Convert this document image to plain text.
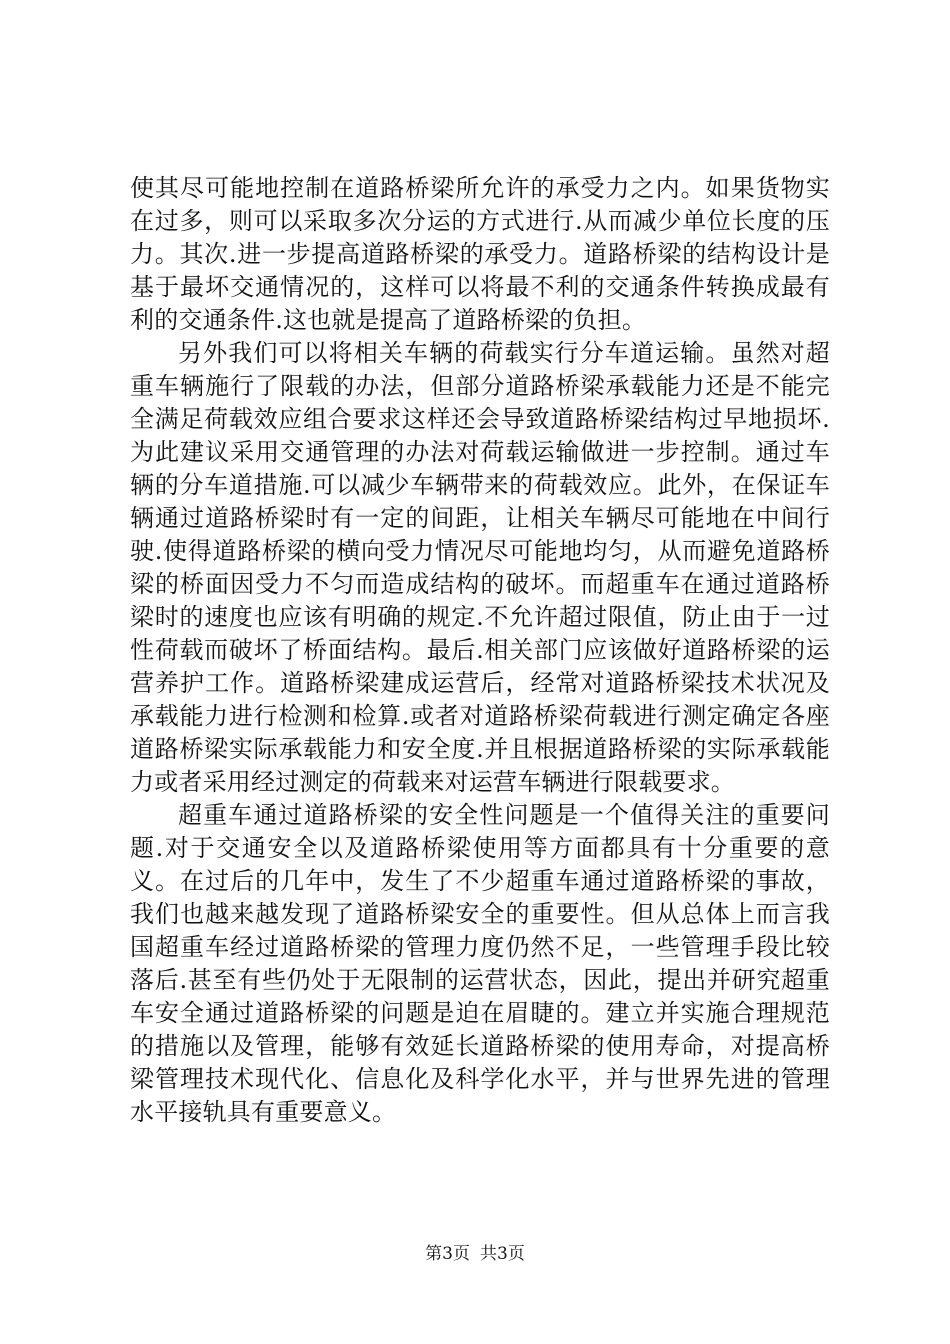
使其尽可能地控制在道路桥梁所允许的承受力之内。如果货物实在过多，则可以采取多次分运的方式进行.从而减少单位长度的压力。其次.进一步提高道路桥梁的承受力。道路桥梁的结构设计是基于最坏交通情况的，这样可以将最不利的交通条件转换成最有利的交通条件.这也就是提高了道路桥梁的负担。

另外我们可以将相关车辆的荷载实行分车道运输。虽然对超重车辆施行了限载的办法，但部分道路桥梁承载能力还是不能完全满足荷载效应组合要求这样还会导致道路桥梁结构过早地损坏.为此建议采用交通管理的办法对荷载运输做进一步控制。通过车辆的分车道措施.可以减少车辆带来的荷载效应。此外，在保证车辆通过道路桥梁时有一定的间距，让相关车辆尽可能地在中间行驶.使得道路桥梁的横向受力情况尽可能地均匀，从而避免道路桥梁的桥面因受力不匀而造成结构的破坏。而超重车在通过道路桥梁时的速度也应该有明确的规定.不允许超过限值，防止由于一过性荷载而破坏了桥面结构。最后.相关部门应该做好道路桥梁的运营养护工作。道路桥梁建成运营后，经常对道路桥梁技术状况及承载能力进行检测和检算.或者对道路桥梁荷载进行测定确定各座道路桥梁实际承载能力和安全度.并且根据道路桥梁的实际承载能力或者采用经过测定的荷载来对运营车辆进行限载要求。

超重车通过道路桥梁的安全性问题是一个值得关注的重要问题.对于交通安全以及道路桥梁使用等方面都具有十分重要的意义。在过后的几年中，发生了不少超重车通过道路桥梁的事故，我们也越来越发现了道路桥梁安全的重要性。但从总体上而言我国超重车经过道路桥梁的管理力度仍然不足，一些管理手段比较落后.甚至有些仍处于无限制的运营状态，因此，提出并研究超重车安全通过道路桥梁的问题是迫在眉睫的。建立并实施合理规范的措施以及管理，能够有效延长道路桥梁的使用寿命，对提高桥梁管理技术现代化、信息化及科学化水平，并与世界先进的管理水平接轨具有重要意义。

第3页 共3页
